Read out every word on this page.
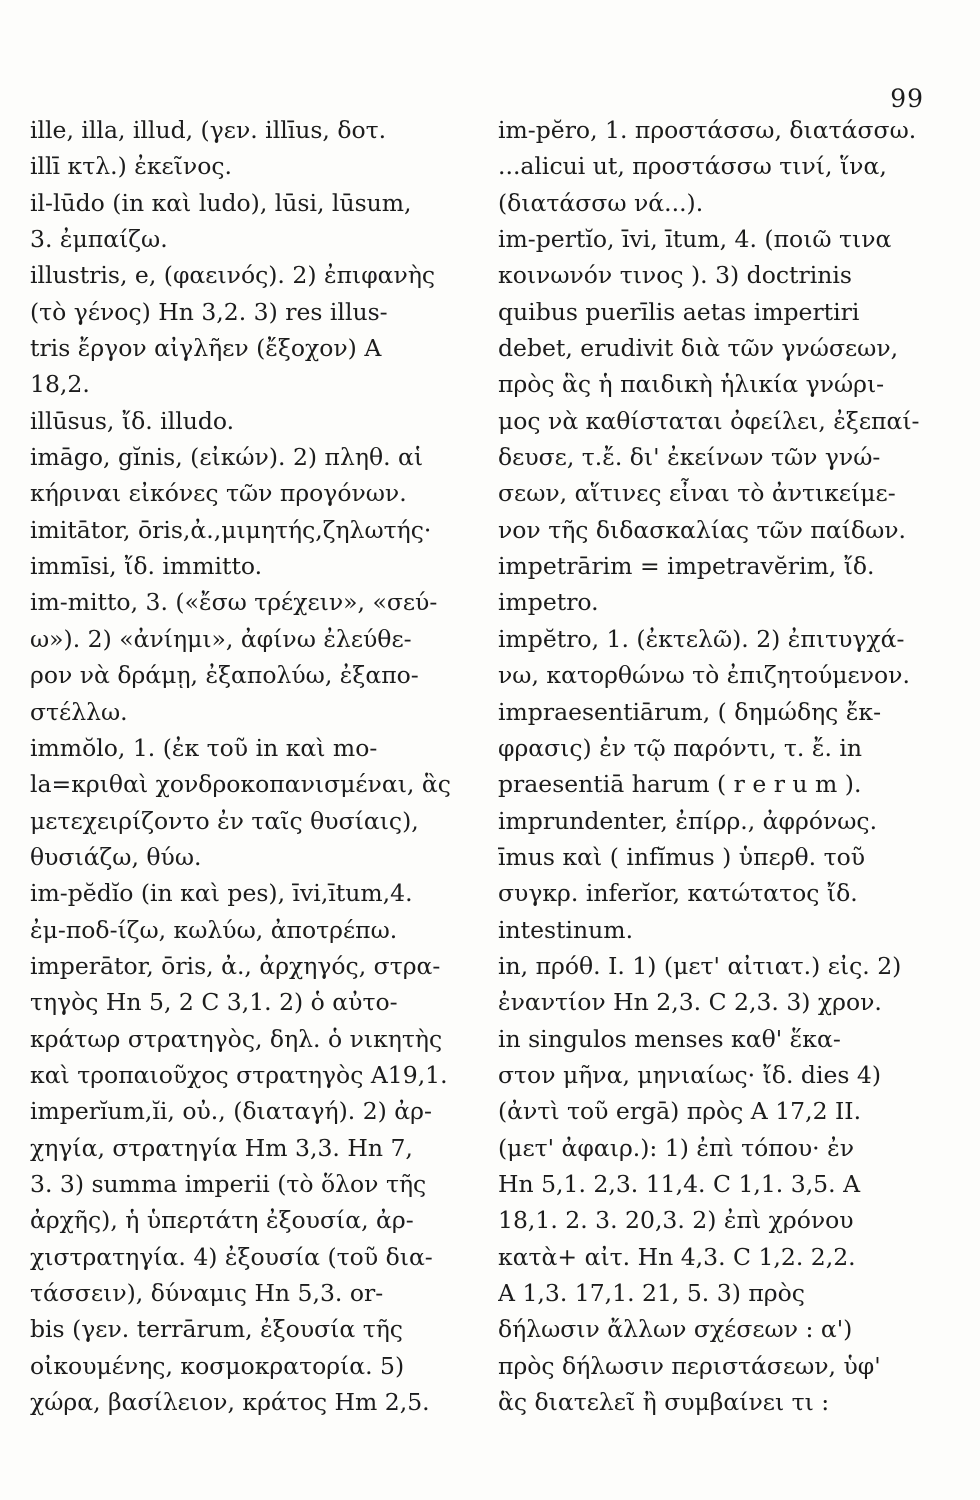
99
ille, illa, illud, (γεν. illīus, δοτ.
illī κτλ.) ἐκεῖνος.
il-lūdo (in καὶ ludo), lūsi, lūsum,
3. ἐμπαίζω.
illustris, e, (φαεινός). 2) ἐπιφανὴς
(τὸ γένος) Hn 3,2. 3) res illus-
tris ἔργον αἰγλῆεν (ἔξοχον) A
18,2.
illūsus, ἴδ. illudo.
imāgo, gĭnis, (εἰκών). 2) πληθ. αἱ
κήριναι εἰκόνες τῶν προγόνων.
imitātor, ōris,ἀ.,μιμητής,ζηλωτής·
immīsi, ἴδ. immitto.
im-mitto, 3. («ἔσω τρέχειν», «σεύ-
ω»). 2) «ἀνίημι», ἀφίνω ἐλεύθε-
ρον νὰ δράμῃ, ἐξαπολύω, ἐξαπο-
στέλλω.
immŏlo, 1. (ἐκ τοῦ in καὶ mo-
la=κριθαὶ χονδροκοπανισμέναι, ἃς
μετεχειρίζοντο ἐν ταῖς θυσίαις),
θυσιάζω, θύω.
im-pĕdĭo (in καὶ pes), īvi,ītum,4.
ἐμ-ποδ-ίζω, κωλύω, ἀποτρέπω.
imperātor, ōris, ἀ., ἀρχηγός, στρα-
τηγὸς Hn 5, 2 C 3,1. 2) ὁ αὐτο-
κράτωρ στρατηγὸς, δηλ. ὁ νικητὴς
καὶ τροπαιοῦχος στρατηγὸς A19,1.
imperĭum,ĭi, οὐ., (διαταγή). 2) ἀρ-
χηγία, στρατηγία Hm 3,3. Hn 7,
3. 3) summa imperii (τὸ ὅλον τῆς
ἀρχῆς), ἡ ὑπερτάτη ἐξουσία, ἀρ-
χιστρατηγία. 4) ἐξουσία (τοῦ δια-
τάσσειν), δύναμις Hn 5,3. or-
bis (γεν. terrārum, ἐξουσία τῆς
οἰκουμένης, κοσμοκρατορία. 5)
χώρα, βασίλειον, κράτος Hm 2,5.
im-pĕro, 1. προστάσσω, διατάσσω.
...alicui ut, προστάσσω τινί, ἵνα,
(διατάσσω νά...).
im-pertĭo, īvi, ītum, 4. (ποιῶ τινα
κοινωνόν τινος ). 3) doctrinis
quibus puerīlis aetas impertiri
debet, erudivit διὰ τῶν γνώσεων,
πρὸς ἃς ἡ παιδικὴ ἡλικία γνώρι-
μος νὰ καθίσταται ὀφείλει, ἐξεπαί-
δευσε, τ.ἔ. δι' ἐκείνων τῶν γνώ-
σεων, αἵτινες εἶναι τὸ ἀντικείμε-
νον τῆς διδασκαλίας τῶν παίδων.
impetrārim = impetravĕrim, ἴδ.
impetro.
impĕtro, 1. (ἐκτελῶ). 2) ἐπιτυγχά-
νω, κατορθώνω τὸ ἐπιζητούμενον.
impraesentiārum, ( δημώδης ἔκ-
φρασις) ἐν τῷ παρόντι, τ. ἔ. in
praesentiā harum ( r e r u m ).
imprundenter, ἐπίρρ., ἀφρόνως.
īmus καὶ ( infĭmus ) ὑπερθ. τοῦ
συγκρ. inferĭor, κατώτατος ἴδ.
intestinum.
in, πρόθ. I. 1) (μετ' αἰτιατ.) εἰς. 2)
ἐναντίον Hn 2,3. C 2,3. 3) χρον.
in singulos menses καθ' ἕκα-
στον μῆνα, μηνιαίως· ἴδ. dies 4)
(ἀντὶ τοῦ ergā) πρὸς A 17,2 II.
(μετ' ἀφαιρ.): 1) ἐπὶ τόπου· ἐν
Hn 5,1. 2,3. 11,4. C 1,1. 3,5. A
18,1. 2. 3. 20,3. 2) ἐπὶ χρόνου
κατὰ+ αἰτ. Hn 4,3. C 1,2. 2,2.
A 1,3. 17,1. 21, 5. 3) πρὸς
δήλωσιν ἄλλων σχέσεων : α')
πρὸς δήλωσιν περιστάσεων, ὑφ'
ἃς διατελεῖ ἢ συμβαίνει τι :
